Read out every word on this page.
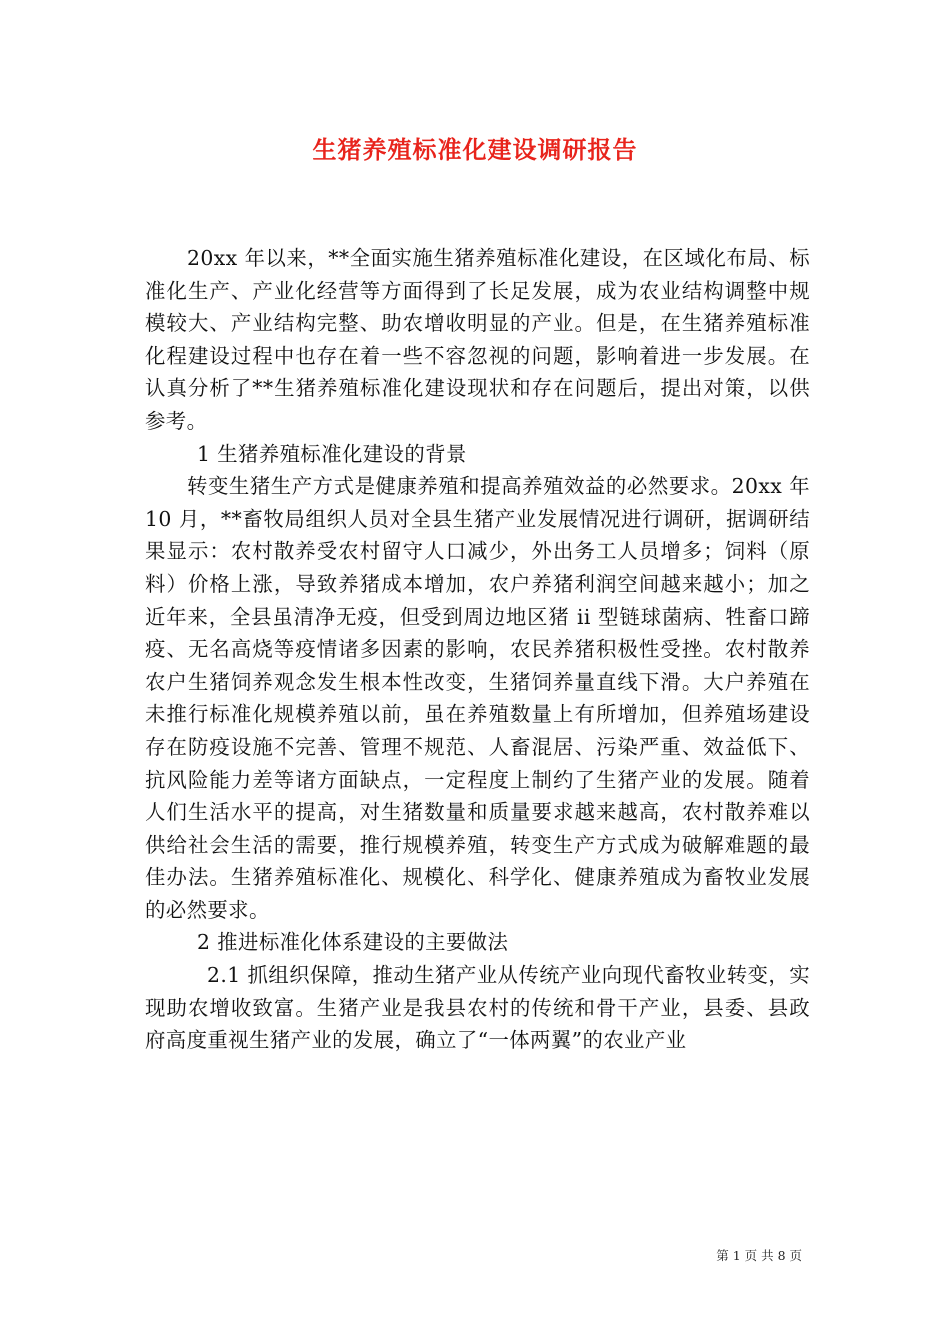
生猪养殖标准化建设调研报告

20xx 年以来，**全面实施生猪养殖标准化建设，在区域化布局、标准化生产、产业化经营等方面得到了长足发展，成为农业结构调整中规模较大、产业结构完整、助农增收明显的产业。但是，在生猪养殖标准化程建设过程中也存在着一些不容忽视的问题，影响着进一步发展。在认真分析了**生猪养殖标准化建设现状和存在问题后，提出对策，以供参考。

1 生猪养殖标准化建设的背景

转变生猪生产方式是健康养殖和提高养殖效益的必然要求。20xx 年 10 月，**畜牧局组织人员对全县生猪产业发展情况进行调研，据调研结果显示：农村散养受农村留守人口减少，外出务工人员增多；饲料（原料）价格上涨，导致养猪成本增加，农户养猪利润空间越来越小；加之近年来，全县虽清净无疫，但受到周边地区猪 ii 型链球菌病、牲畜口蹄疫、无名高烧等疫情诸多因素的影响，农民养猪积极性受挫。农村散养农户生猪饲养观念发生根本性改变，生猪饲养量直线下滑。大户养殖在未推行标准化规模养殖以前，虽在养殖数量上有所增加，但养殖场建设存在防疫设施不完善、管理不规范、人畜混居、污染严重、效益低下、抗风险能力差等诸方面缺点，一定程度上制约了生猪产业的发展。随着人们生活水平的提高，对生猪数量和质量要求越来越高，农村散养难以供给社会生活的需要，推行规模养殖，转变生产方式成为破解难题的最佳办法。生猪养殖标准化、规模化、科学化、健康养殖成为畜牧业发展的必然要求。

2 推进标准化体系建设的主要做法

2.1 抓组织保障，推动生猪产业从传统产业向现代畜牧业转变，实现助农增收致富。生猪产业是我县农村的传统和骨干产业，县委、县政府高度重视生猪产业的发展，确立了“一体两翼”的农业产业

第 1 页 共 8 页
